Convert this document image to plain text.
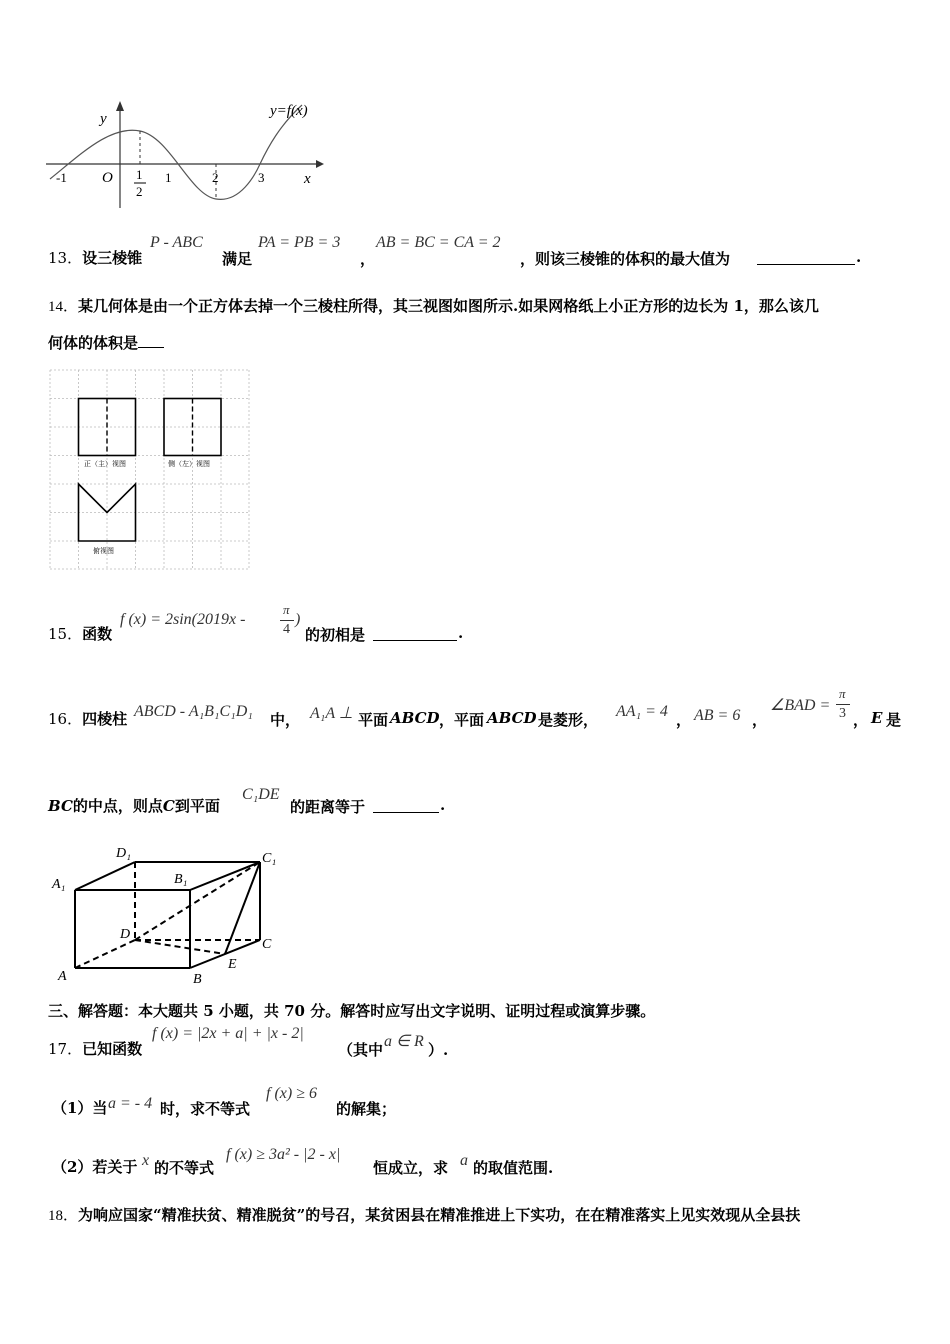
y=f(x)
y
x
O
-1	1
2
1	2	3
13．设三棱锥
P - ABC
满足
PA = PB = 3
，
AB = BC = CA = 2
，则该三棱锥的体积的最大值为	.
14．某几何体是由一个正方体去掉一个三棱柱所得，其三视图如图所示.如果网格纸上小正方形的边长为 1，那么该几
何体的体积是
正（主）视图	侧（左）视图
俯视图
15．函数
f (x) = 2sin(2019x -
π
4
)
的初相是	.
16．四棱柱 ABCD - A₁B₁C₁D₁ 中， A₁A ⊥ 平面 ABCD ，平面 ABCD 是菱形， AA₁ = 4 ， AB = 6 ，
∠BAD =
π
3 ， E 是
BC的中点，则点C到平面
C₁DE
的距离等于	.
A₁
D₁
B₁
C₁
D
C
E
A	B
三、解答题：本大题共 5 小题，共 70 分。解答时应写出文字说明、证明过程或演算步骤。
17．已知函数
f (x) = |2x + a| + |x - 2|
（其中 a ∈ R ）.
（1）当 a = - 4 时，求不等式
f (x) ≥ 6
的解集；
（2）若关于 x 的不等式
f (x) ≥ 3a² - |2 - x|
恒成立，求 a 的取值范围.
18．为响应国家“精准扶贫、精准脱贫”的号召，某贫困县在精准推进上下实功，在在精准落实上见实效现从全县扶
